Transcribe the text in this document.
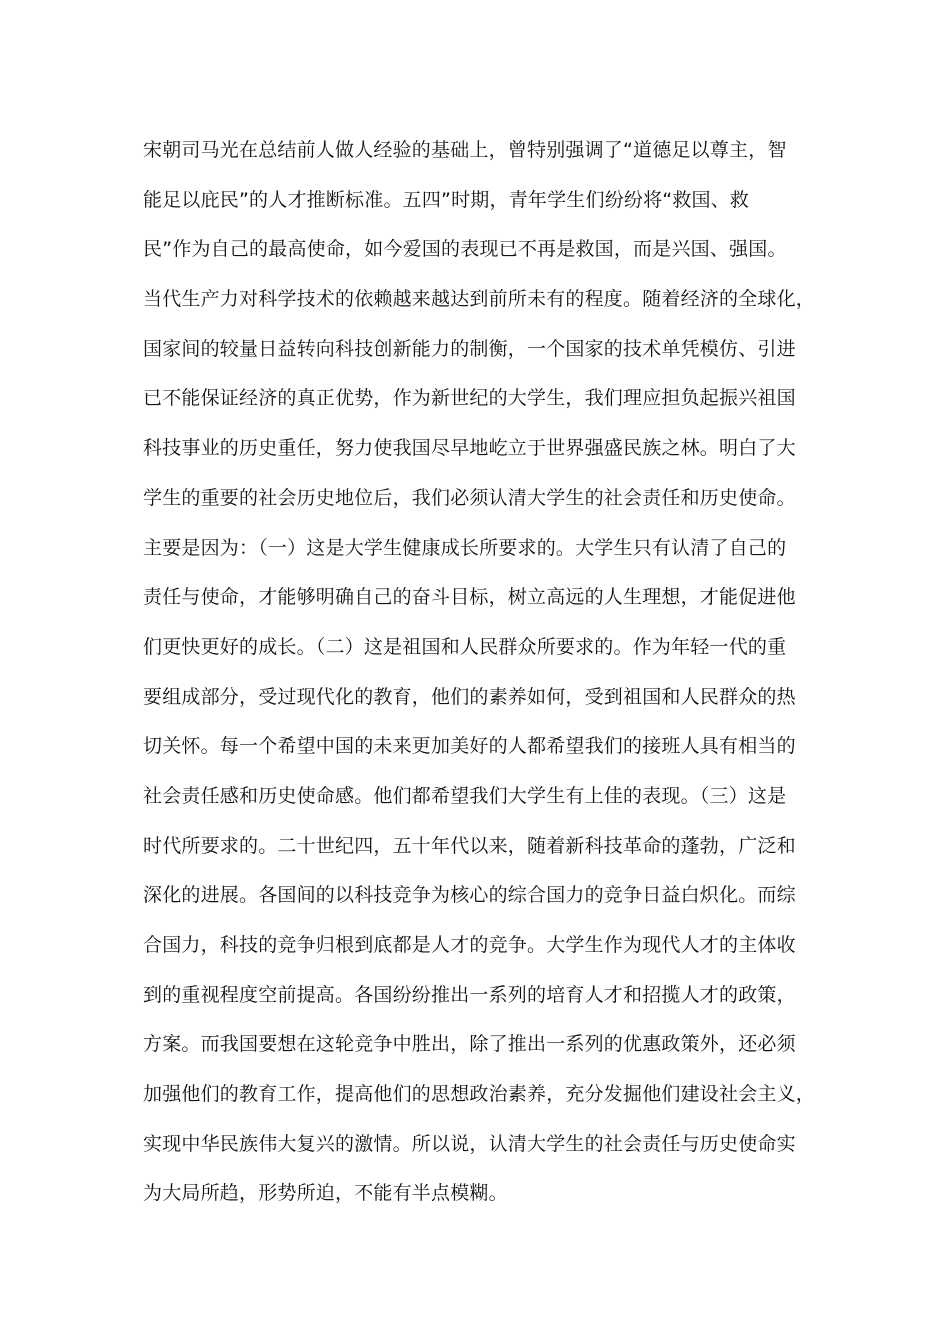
宋朝司马光在总结前人做人经验的基础上，曾特别强调了“道德足以尊主，智
能足以庇民”的人才推断标准。五四”时期，青年学生们纷纷将“救国、救
民”作为自己的最高使命，如今爱国的表现已不再是救国，而是兴国、强国。
当代生产力对科学技术的依赖越来越达到前所未有的程度。随着经济的全球化，
国家间的较量日益转向科技创新能力的制衡，一个国家的技术单凭模仿、引进
已不能保证经济的真正优势，作为新世纪的大学生，我们理应担负起振兴祖国
科技事业的历史重任，努力使我国尽早地屹立于世界强盛民族之林。明白了大
学生的重要的社会历史地位后，我们必须认清大学生的社会责任和历史使命。
主要是因为：（一）这是大学生健康成长所要求的。大学生只有认清了自己的
责任与使命，才能够明确自己的奋斗目标，树立高远的人生理想，才能促进他
们更快更好的成长。（二）这是祖国和人民群众所要求的。作为年轻一代的重
要组成部分，受过现代化的教育，他们的素养如何，受到祖国和人民群众的热
切关怀。每一个希望中国的未来更加美好的人都希望我们的接班人具有相当的
社会责任感和历史使命感。他们都希望我们大学生有上佳的表现。（三）这是
时代所要求的。二十世纪四，五十年代以来，随着新科技革命的蓬勃，广泛和
深化的进展。各国间的以科技竞争为核心的综合国力的竞争日益白炽化。而综
合国力，科技的竞争归根到底都是人才的竞争。大学生作为现代人才的主体收
到的重视程度空前提高。各国纷纷推出一系列的培育人才和招揽人才的政策，
方案。而我国要想在这轮竞争中胜出，除了推出一系列的优惠政策外，还必须
加强他们的教育工作，提高他们的思想政治素养，充分发掘他们建设社会主义，
实现中华民族伟大复兴的激情。所以说，认清大学生的社会责任与历史使命实
为大局所趋，形势所迫，不能有半点模糊。
